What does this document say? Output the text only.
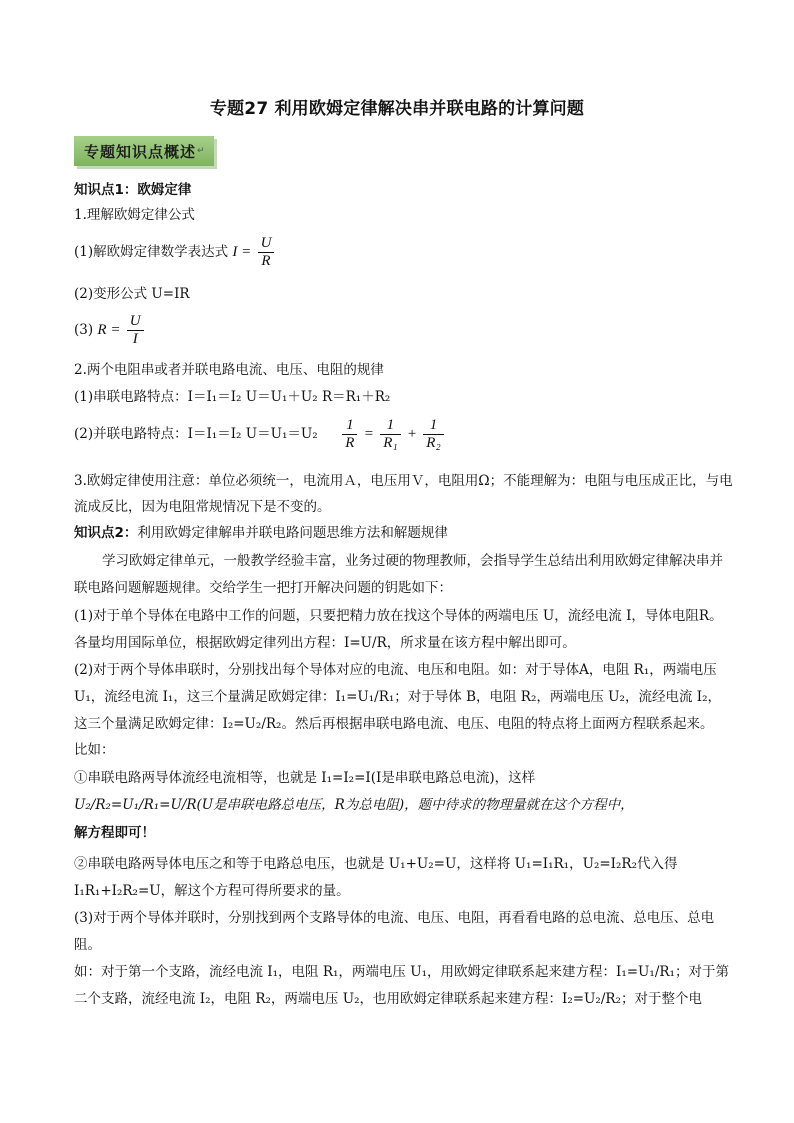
专题27 利用欧姆定律解决串并联电路的计算问题
专题知识点概述 ↵
知识点1：欧姆定律
1.理解欧姆定律公式
(1)解欧姆定律数学表达式 $I = \frac{U}{R}$
(2)变形公式 U=IR
(3) $R = \frac{U}{I}$
2.两个电阻串或者并联电路电流、电压、电阻的规律
(1)串联电路特点：I＝I₁＝I₂ U＝U₁＋U₂ R＝R₁＋R₂
(2)并联电路特点：I＝I₁＝I₂ $U=U_1=U_2 \frac{1}{R} = \frac{1}{\text{R₁}} + \frac{1}{\text{R₂}}$
3.欧姆定律使用注意：单位必须统一，电流用Ａ，电压用Ｖ，电阻用Ω；不能理解为：电阻与电压成正比，与电流成反比，因为电阻常规情况下是不变的。
知识点2：利用欧姆定律解串并联电路问题思维方法和解题规律
学习欧姆定律单元，一般教学经验丰富，业务过硬的物理教师，会指导学生总结出利用欧姆定律解决串并联电路问题解题规律。交给学生一把打开解决问题的钥匙如下：
(1)对于单个导体在电路中工作的问题，只要把精力放在找这个导体的两端电压 U，流经电流 I，导体电阻R。各量均用国际单位，根据欧姆定律列出方程：I=U/R，所求量在该方程中解出即可。
(2)对于两个导体串联时，分别找出每个导体对应的电流、电压和电阻。如：对于导体A，电阻 R₁，两端电压U₁，流经电流 I₁，这三个量满足欧姆定律：I₁=U₁/R₁；对于导体 B，电阻 R₂，两端电压 U₂，流经电流 I₂，这三个量满足欧姆定律：I₂=U₂/R₂。然后再根据串联电路电流、电压、电阻的特点将上面两方程联系起来。
比如：
①串联电路两导体流经电流相等，也就是 I₁=I₂=I(I是串联电路总电流)，这样
U₂/R₂=U₁/R₁=U/R(U是串联电路总电压，R为总电阻)，题中待求的物理量就在这个方程中，
解方程即可！
②串联电路两导体电压之和等于电路总电压，也就是 U₁+U₂=U，这样将 U₁=I₁R₁，U₂=I₂R₂代入得I₁R₁+I₂R₂=U，解这个方程可得所要求的量。
(3)对于两个导体并联时，分别找到两个支路导体的电流、电压、电阻，再看看电路的总电流、总电压、总电阻。
如：对于第一个支路，流经电流 I₁，电阻 R₁，两端电压 U₁，用欧姆定律联系起来建方程：I₁=U₁/R₁；对于第二个支路，流经电流 I₂，电阻 R₂，两端电压 U₂，也用欧姆定律联系起来建方程：I₂=U₂/R₂；对于整个电
